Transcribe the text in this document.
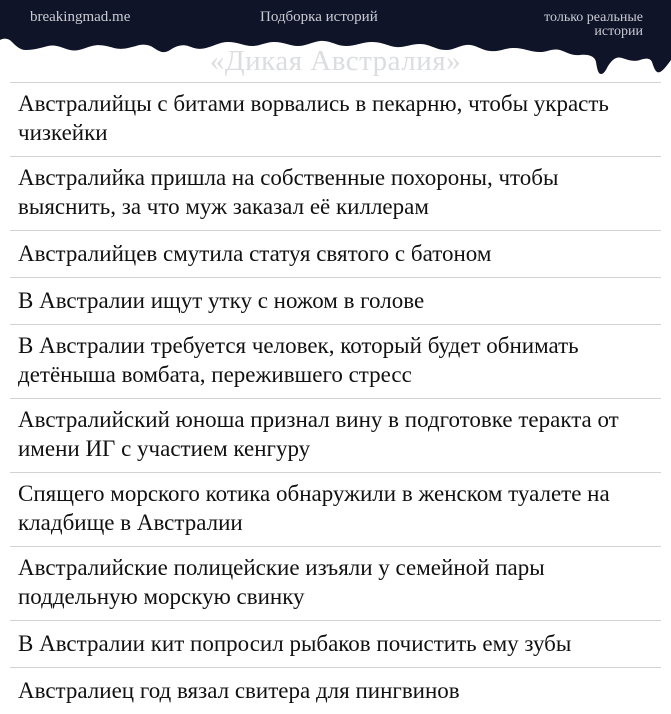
breakingmad.me	Подборка историй	только реальные истории
«Дикая Австралия»
Австралийцы с битами ворвались в пекарню, чтобы украсть чизкейки
Австралийка пришла на собственные похороны, чтобы выяснить, за что муж заказал её киллерам
Австралийцев смутила статуя святого с батоном
В Австралии ищут утку с ножом в голове
В Австралии требуется человек, который будет обнимать детёныша вомбата, пережившего стресс
Австралийский юноша признал вину в подготовке теракта от имени ИГ с участием кенгуру
Спящего морского котика обнаружили в женском туалете на кладбище в Австралии
Австралийские полицейские изъяли у семейной пары поддельную морскую свинку
В Австралии кит попросил рыбаков почистить ему зубы
Австралиец год вязал свитера для пингвинов
